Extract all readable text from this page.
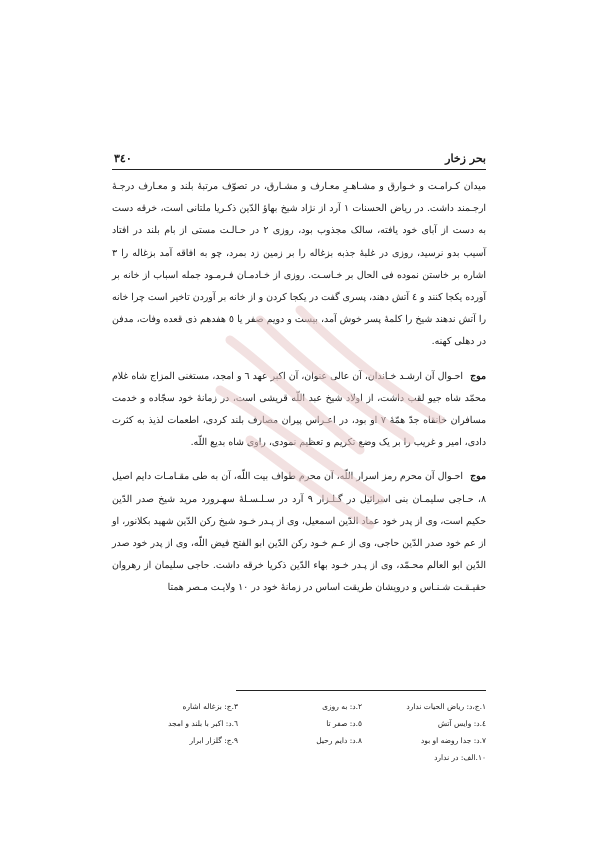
بحر زخار
٣٤٠

میدان کـرامـت و خـوارق و مشـاهـرِ معـارف و مشـارق، در تصوّف مرتبهٔ بلند و معـارف درجـهٔ ارجـمند داشت. در ریاض الحسنات ١ آرد از نژاد شیخ بهاؤ الدّین ذکـریا ملتانی است، خرقه دست به دست از آبای خود یافته، سالک مجذوب بود، روزی ٢ در حـالـت مستی از بام بلند در افتاد آسیب بدو نرسید، روزی در غلبهٔ جذبه بزغاله را بر زمین زد بمرد، چو به افاقه آمد بزغاله را ٣ اشاره بر خاستن نموده فی الحال بر خـاسـت. روزی از خـادمـان فـرمـود جمله اسباب از خانه بر آورده یکجا کنند و ٤ آتش دهند، پسری گفت در یکجا کردن و از خانه بر آوردن تاخیر است چرا خانه را آتش ندهند شیخ را کلمهٔ پسر خوش آمد، بیست و دویم صفر یا ٥ هفدهم ذی قعده وفات، مدفن در دهلی کهنه.

موج احـوال آن ارشـد خـاندان، آن عالی عنوان، آن اکبر عهد ٦ و امجد، مستغنی المزاج شاه غلام محمّد شاه جیو لقب داشت، از اولاد شیخ عبد اللّه قریشی است، در زمانهٔ خود سجّاده و خدمت مسافران خانقاه جدّ همّهٔ ٧ او بود، در اعـراس پیران مصارف بلند کردی، اطعمات لذیذ به کثرت دادی، امیر و غریب را بر یک وضع تکریم و تعظیم نمودی، راوی شاه بدیع اللّه.

موج احـوال آن محرم رمز اسرار اللّه، آن محرم طواف بیت اللّه، آن به طی مقـامـات دایم اصیل ٨، حـاجی سلیمـان بنی اسرائیل در گـلـزار ٩ آرد در سـلـسـلهٔ سهـرورد مرید شیخ صدر الدّین حکیم است، وی از پدر خود عماد الدّین اسمعیل، وی از پـدر خـود شیخ رکن الدّین شهید بکلانور، او از عم خود صدر الدّین حاجی، وی از عـم خـود رکن الدّین ابو الفتح فیض اللّه، وی از پدر خود صدر الدّین ابو العالم محـمّد، وی از پـدر خـود بهاء الدّین ذکریا خرقه داشت. حاجی سلیمان از رهروان حقیـقـت شـنـاس و درویشان طریقت اساس در زمانهٔ خود در ١٠ ولایـت مـصر همتا

١.ج،د: ریاض الحیات ندارد
٢.د: به روزی
٣.ج: بزغاله اشاره
٤.د: وایس آتش
٥.د: صفر تا
٦.د: اکبر با بلند و امجد
٧.د: جدا روضه او بود
٨.د: دایم رحیل
٩.ج: گلزار ابرار
١٠.الف: در ندارد
